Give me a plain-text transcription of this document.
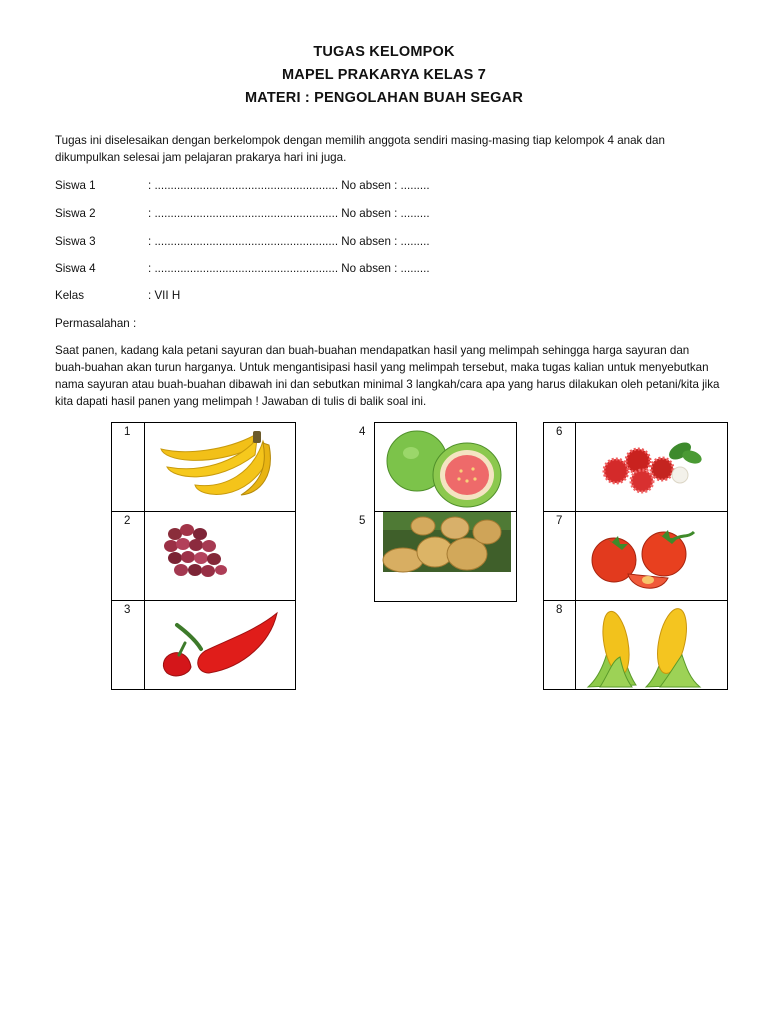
TUGAS KELOMPOK
MAPEL PRAKARYA KELAS 7
MATERI : PENGOLAHAN BUAH SEGAR
Tugas ini diselesaikan dengan berkelompok dengan memilih anggota sendiri masing-masing tiap kelompok 4 anak dan dikumpulkan selesai jam pelajaran prakarya hari ini juga.
Siswa 1	: ......................................................... No absen : .........
Siswa 2	: ......................................................... No absen : .........
Siswa 3	: ......................................................... No absen : .........
Siswa 4	: ......................................................... No absen : .........
Kelas	: VII H
Permasalahan :
Saat panen, kadang kala petani sayuran dan buah-buahan mendapatkan hasil yang melimpah sehingga harga sayuran dan buah-buahan akan turun harganya. Untuk mengantisipasi hasil yang melimpah tersebut, maka tugas kalian untuk menyebutkan nama sayuran atau buah-buahan dibawah ini dan sebutkan minimal 3 langkah/cara apa yang harus dilakukan oleh petani/kita jika kita dapati hasil panen yang melimpah ! Jawaban di tulis di balik soal ini.
1	

2	

3	
4

5
6	

7	

8	
